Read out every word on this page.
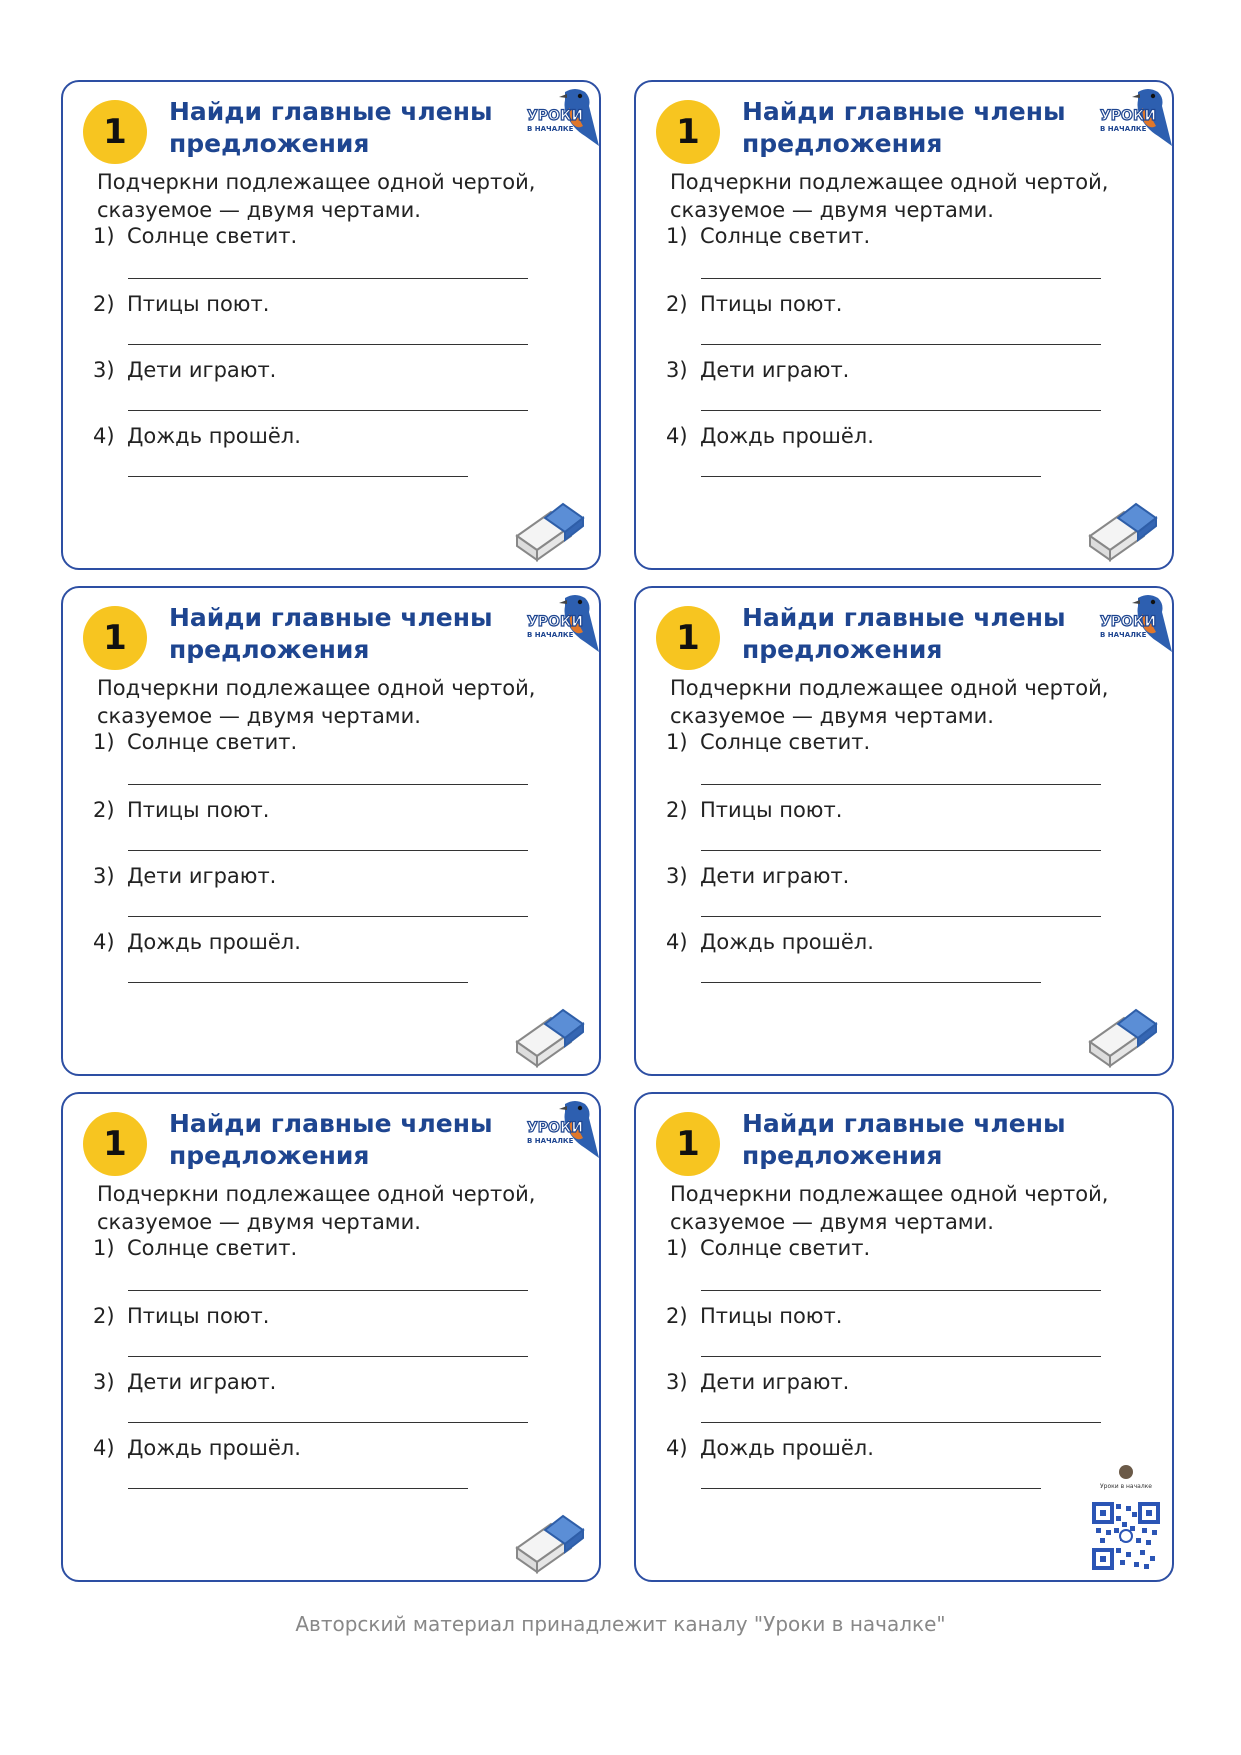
1
Найди главные члены
предложения
УРОКИ
В НАЧАЛКЕ
Подчеркни подлежащее одной чертой,
сказуемое — двумя чертами.
1) Солнце светит.
2) Птицы поют.
3) Дети играют.
4) Дождь прошёл.
1
Найди главные члены
предложения
УРОКИ
В НАЧАЛКЕ
Подчеркни подлежащее одной чертой,
сказуемое — двумя чертами.
1) Солнце светит.
2) Птицы поют.
3) Дети играют.
4) Дождь прошёл.
1
Найди главные члены
предложения
УРОКИ
В НАЧАЛКЕ
Подчеркни подлежащее одной чертой,
сказуемое — двумя чертами.
1) Солнце светит.
2) Птицы поют.
3) Дети играют.
4) Дождь прошёл.
1
Найди главные члены
предложения
УРОКИ
В НАЧАЛКЕ
Подчеркни подлежащее одной чертой,
сказуемое — двумя чертами.
1) Солнце светит.
2) Птицы поют.
3) Дети играют.
4) Дождь прошёл.
1
Найди главные члены
предложения
УРОКИ
В НАЧАЛКЕ
Подчеркни подлежащее одной чертой,
сказуемое — двумя чертами.
1) Солнце светит.
2) Птицы поют.
3) Дети играют.
4) Дождь прошёл.
1
Найди главные члены
предложения
Подчеркни подлежащее одной чертой,
сказуемое — двумя чертами.
1) Солнце светит.
2) Птицы поют.
3) Дети играют.
4) Дождь прошёл.
Уроки в началке
Авторский материал принадлежит каналу "Уроки в началке"
